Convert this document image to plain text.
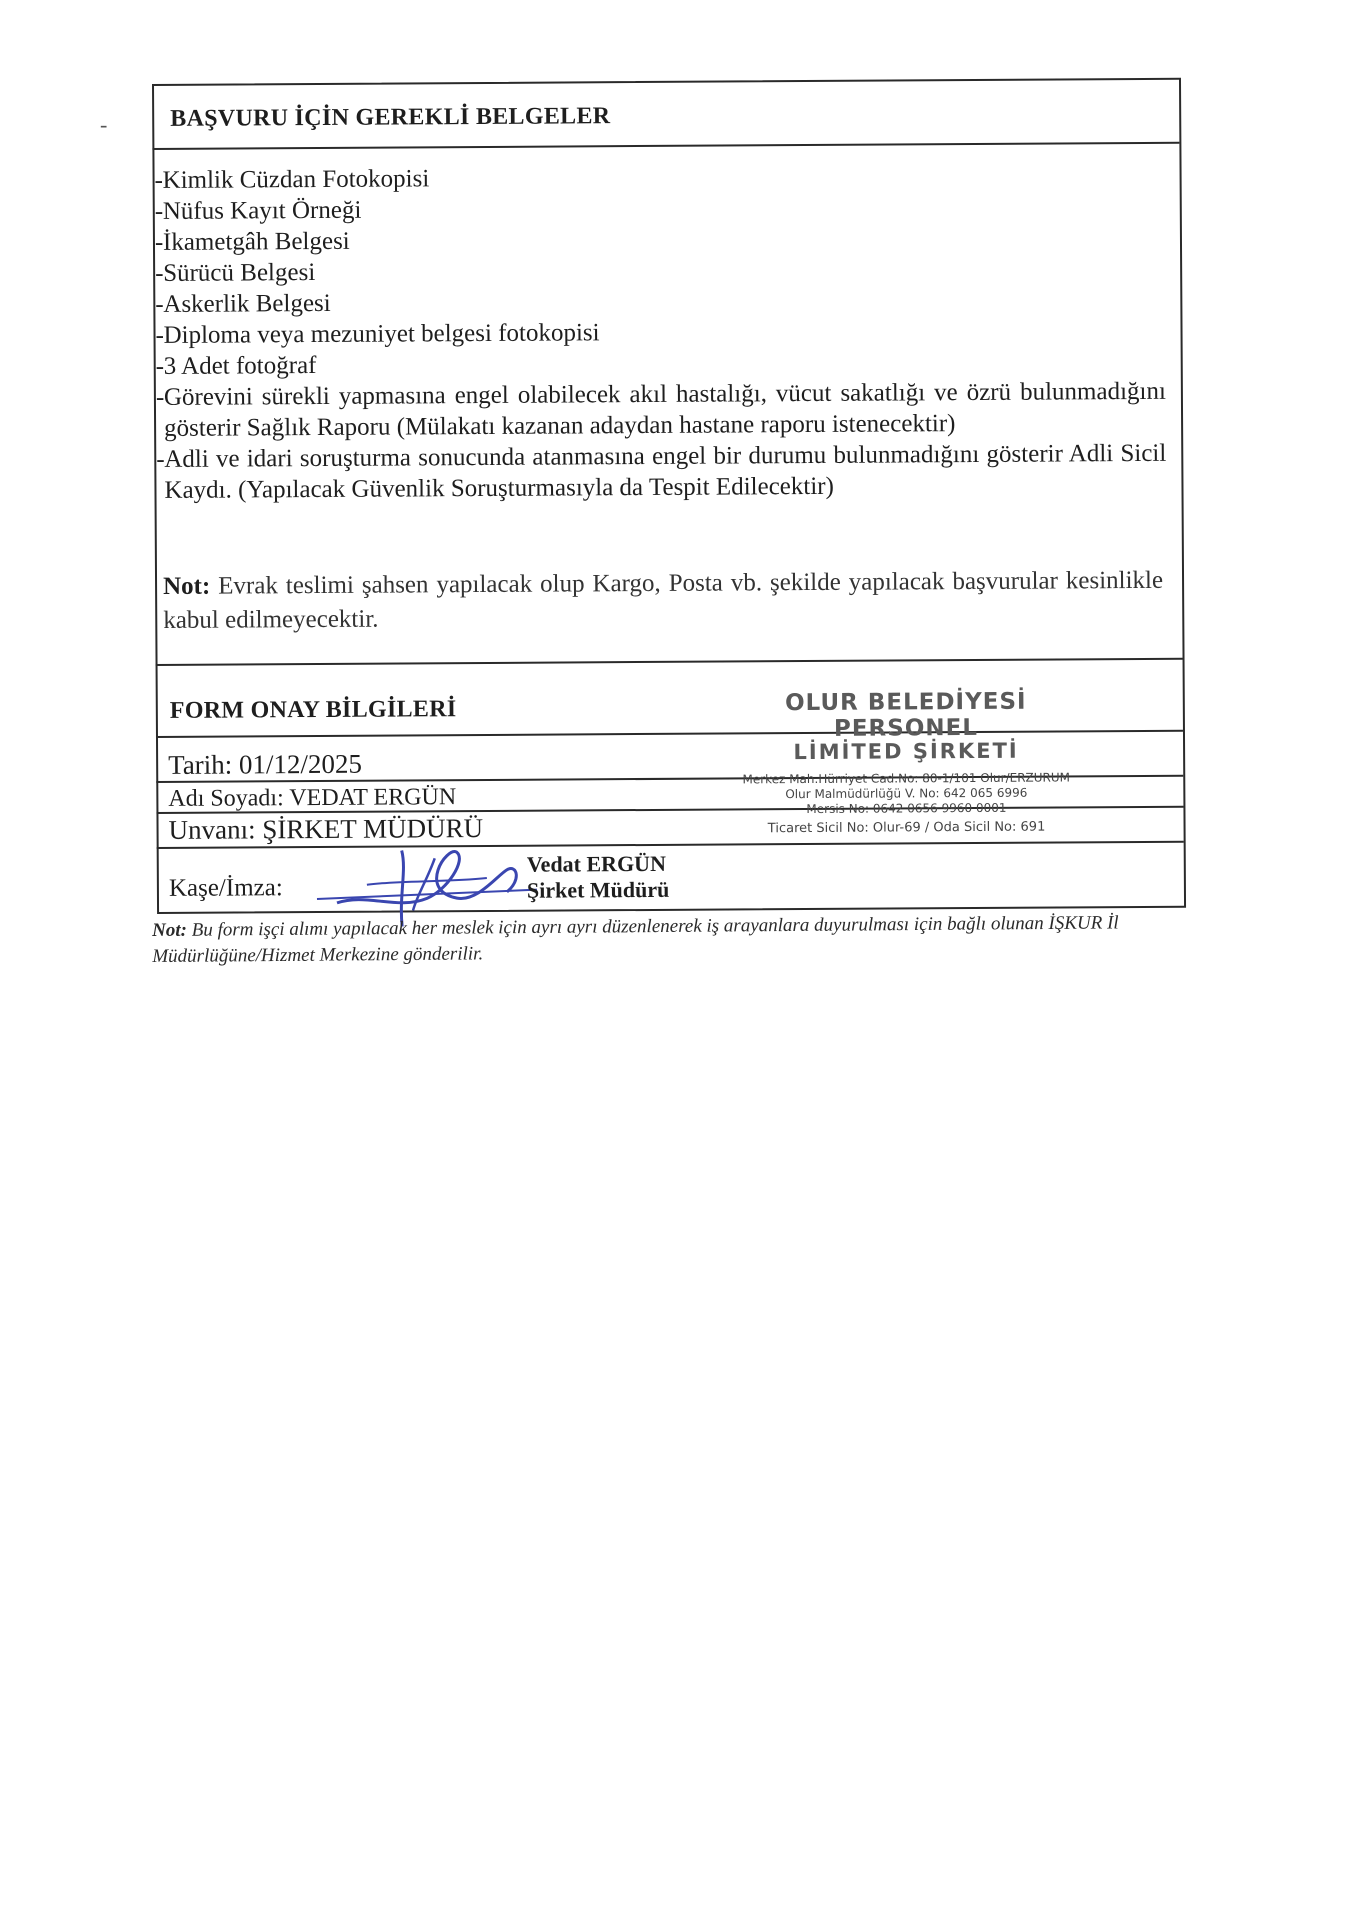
-	BAŞVURU İÇİN GEREKLİ BELGELER
- Kimlik Cüzdan Fotokopisi
- Nüfus Kayıt Örneği
- İkametgâh Belgesi
- Sürücü Belgesi
- Askerlik Belgesi
- Diploma veya mezuniyet belgesi fotokopisi
- 3 Adet fotoğraf
- Görevini sürekli yapmasına engel olabilecek akıl hastalığı, vücut sakatlığı ve özrü bulunmadığını gösterir Sağlık Raporu (Mülakatı kazanan adaydan hastane raporu istenecektir)
- Adli ve idari soruşturma sonucunda atanmasına engel bir durumu bulunmadığını gösterir Adli Sicil Kaydı. (Yapılacak Güvenlik Soruşturmasıyla da Tespit Edilecektir)
Not: Evrak teslimi şahsen yapılacak olup Kargo, Posta vb. şekilde yapılacak başvurular kesinlikle kabul edilmeyecektir.
FORM ONAY BİLGİLERİ
Tarih: 01/12/2025
Adı Soyadı: VEDAT ERGÜN
Unvanı: ŞİRKET MÜDÜRÜ
Kaşe/İmza:
OLUR BELEDİYESİ PERSONEL
LİMİTED ŞİRKETİ
Merkez Mah.Hürriyet Cad.No: 80-1/101 Olur/ERZURUM
Olur Malmüdürlüğü V. No: 642 065 6996
Mersis No: 0642 0656 9960 0001
Ticaret Sicil No: Olur-69 / Oda Sicil No: 691
Vedat ERGÜN
Şirket Müdürü
Not: Bu form işçi alımı yapılacak her meslek için ayrı ayrı düzenlenerek iş arayanlara duyurulması için bağlı olunan İŞKUR İl Müdürlüğüne/Hizmet Merkezine gönderilir.
